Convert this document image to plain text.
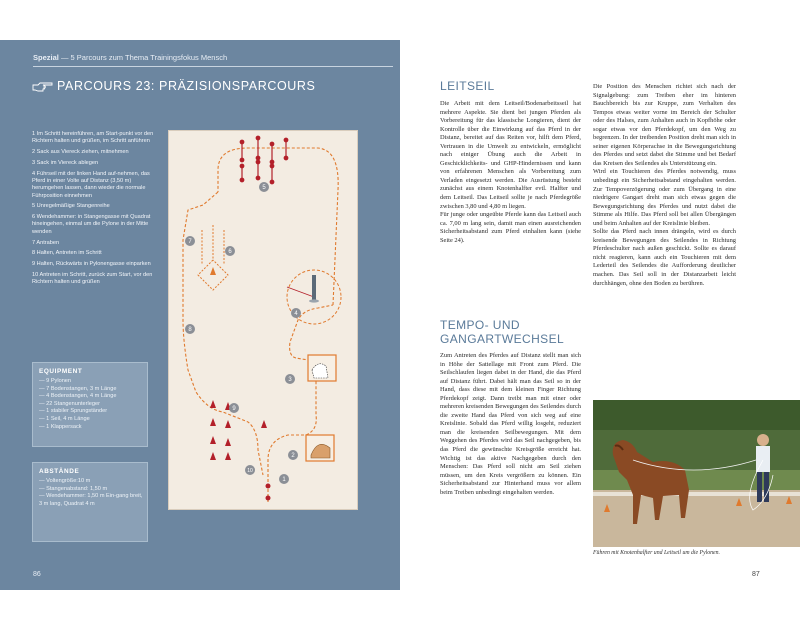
Spezial — 5 Parcours zum Thema Trainingsfokus Mensch
PARCOURS 23: PRÄZISIONSPARCOURS
1 Im Schritt hereinführen, am Start-punkt vor den Richtern halten und grüßen, im Schritt anführen
2 Sack aus Viereck ziehen, mitnehmen
3 Sack im Viereck ablegen
4 Führseil mit der linken Hand auf-nehmen, das Pferd in einer Volte auf Distanz (3,50 m) herumgehen lassen, dann wieder die normale Führposition einnehmen
5 Unregelmäßige Stangenreihe
6 Wendehammer: in Stangengasse mit Quadrat hineingehen, einmal um die Pylone in der Mitte wenden
7 Antraben
8 Halten, Antreten im Schritt
9 Halten, Rückwärts in Pylonengasse einparken
10 Antreten im Schritt, zurück zum Start, vor den Richtern halten und grüßen
EQUIPMENT
— 9 Pylonen
— 7 Bodenstangen, 3 m Länge
— 4 Bodenstangen, 4 m Länge
— 22 Stangenunterleger
— 1 stabiler Sprungständer
— 1 Seil, 4 m Länge
— 1 Klappersack
ABSTÄNDE
— Voltengröße:10 m
— Stangenabstand: 1,50 m
— Wendehammer: 1,50 m Ein-gang breit, 3 m lang, Quadrat 4 m
86
1
2
3
4
5
6
7
8
9
10
LEITSEIL
Die Arbeit mit dem Leitseil/Bodenarbeitsseil hat mehrere Aspekte. Sie dient bei jungen Pferden als Vorbereitung für das klassische Longieren, dient der Kontrolle über die Einwirkung auf das Pferd in der Distanz, bereitet auf das Reiten vor, hilft dem Pferd, Vertrauen in die Umwelt zu entwickeln, ermöglicht nach einiger Übung auch die Arbeit in Geschicklichkeits- und GHP-Hindernissen und kann von erfahrenen Menschen als Vorbereitung zum Verladen eingesetzt werden. Die Ausrüstung besteht zunächst aus einem Knotenhalfter evtl. Halfter und dem Leitseil. Das Leitseil sollte je nach Pferdegröße zwischen 3,80 und 4,80 m liegen.
Für junge oder ungeübte Pferde kann das Leitseil auch ca. 7,00 m lang sein, damit man einen ausreichenden Sicherheitsabstand zum Pferd einhalten kann (siehe Seite 24).
TEMPO- UND
GANGARTWECHSEL
Zum Antreten des Pferdes auf Distanz stellt man sich in Höhe der Sattellage mit Front zum Pferd. Die Seilschlaufen liegen dabei in der Hand, die das Pferd auf Distanz führt. Dabei hält man das Seil so in der Hand, dass diese mit dem kleinen Finger Richtung Pferdekopf zeigt. Dann treibt man mit einer oder mehreren kreisenden Bewegungen des Seilendes durch die zweite Hand das Pferd von sich weg auf eine Kreislinie. Sobald das Pferd willig losgeht, reduziert man die kreisenden Seilbewegungen. Mit dem Weggehen des Pferdes wird das Seil nachgegeben, bis das Pferd die gewünschte Kreisgröße erreicht hat. Wichtig ist das aktive Nachgegeben durch den Menschen: Das Pferd soll nicht am Seil ziehen müssen, um den Kreis vergrößern zu können. Ein Sicherheitsabstand zur Hinterhand muss vor allem beim Treiben unbedingt eingehalten werden.
Die Position des Menschen richtet sich nach der Signalgebung: zum Treiben eher im hinteren Bauchbereich bis zur Kruppe, zum Verhalten des Tempos etwas weiter vorne im Bereich der Schulter oder des Halses, zum Anhalten auch in Kopfhöhe oder sogar etwas vor den Pferdekopf, um den Weg zu begrenzen. In der treibenden Position dreht man sich in seiner eigenen Körperachse in die Bewegungsrichtung des Pferdes und setzt dabei die Stimme und bei Bedarf das Kreisen des Seilendes als Unterstützung ein.
Wird ein Touchieren des Pferdes notwendig, muss unbedingt ein Sicherheitsabstand eingehalten werden. Zur Tempoverzögerung oder zum Übergang in eine niedrigere Gangart dreht man sich etwas gegen die Bewegungsrichtung des Pferdes und nutzt dabei die Stimme als Hilfe. Das Pferd soll bei allen Übergängen und beim Anhalten auf der Kreislinie bleiben.
Sollte das Pferd nach innen drängeln, wird es durch kreisende Bewegungen des Seilendes in Richtung Pferdeschulter nach außen geschickt. Sollte es darauf nicht reagieren, kann auch ein Touchieren mit dem Lederteil des Seilendes die Aufforderung deutlicher machen. Das Seil soll in der Distanzarbeit leicht durchhängen, ohne den Boden zu berühren.
Führen mit Knotenhalfter und Leitseil um die Pylonen.
87
